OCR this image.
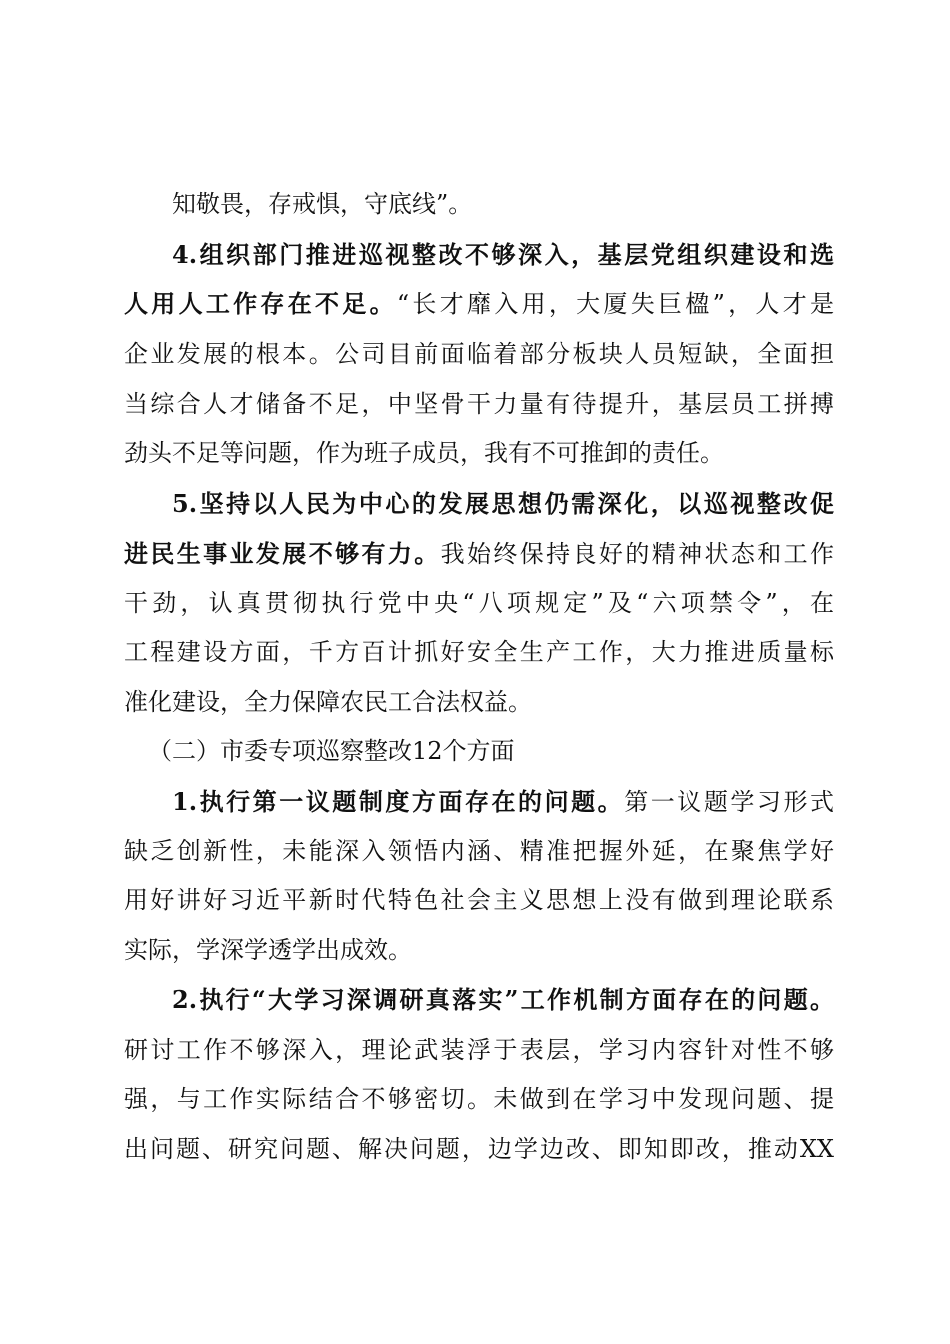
知敬畏，存戒惧，守底线”。
4.组织部门推进巡视整改不够深入，基层党组织建设和选
人用人工作存在不足。“长才靡入用，大厦失巨楹”，人才是
企业发展的根本。公司目前面临着部分板块人员短缺，全面担
当综合人才储备不足，中坚骨干力量有待提升，基层员工拼搏
劲头不足等问题，作为班子成员，我有不可推卸的责任。
5.坚持以人民为中心的发展思想仍需深化，以巡视整改促
进民生事业发展不够有力。我始终保持良好的精神状态和工作
干劲，认真贯彻执行党中央“八项规定”及“六项禁令”，在
工程建设方面，千方百计抓好安全生产工作，大力推进质量标
准化建设，全力保障农民工合法权益。
（二）市委专项巡察整改12个方面
1.执行第一议题制度方面存在的问题。第一议题学习形式
缺乏创新性，未能深入领悟内涵、精准把握外延，在聚焦学好
用好讲好习近平新时代特色社会主义思想上没有做到理论联系
实际，学深学透学出成效。
2.执行“大学习深调研真落实”工作机制方面存在的问题。
研讨工作不够深入，理论武装浮于表层，学习内容针对性不够
强，与工作实际结合不够密切。未做到在学习中发现问题、提
出问题、研究问题、解决问题，边学边改、即知即改，推动XX
